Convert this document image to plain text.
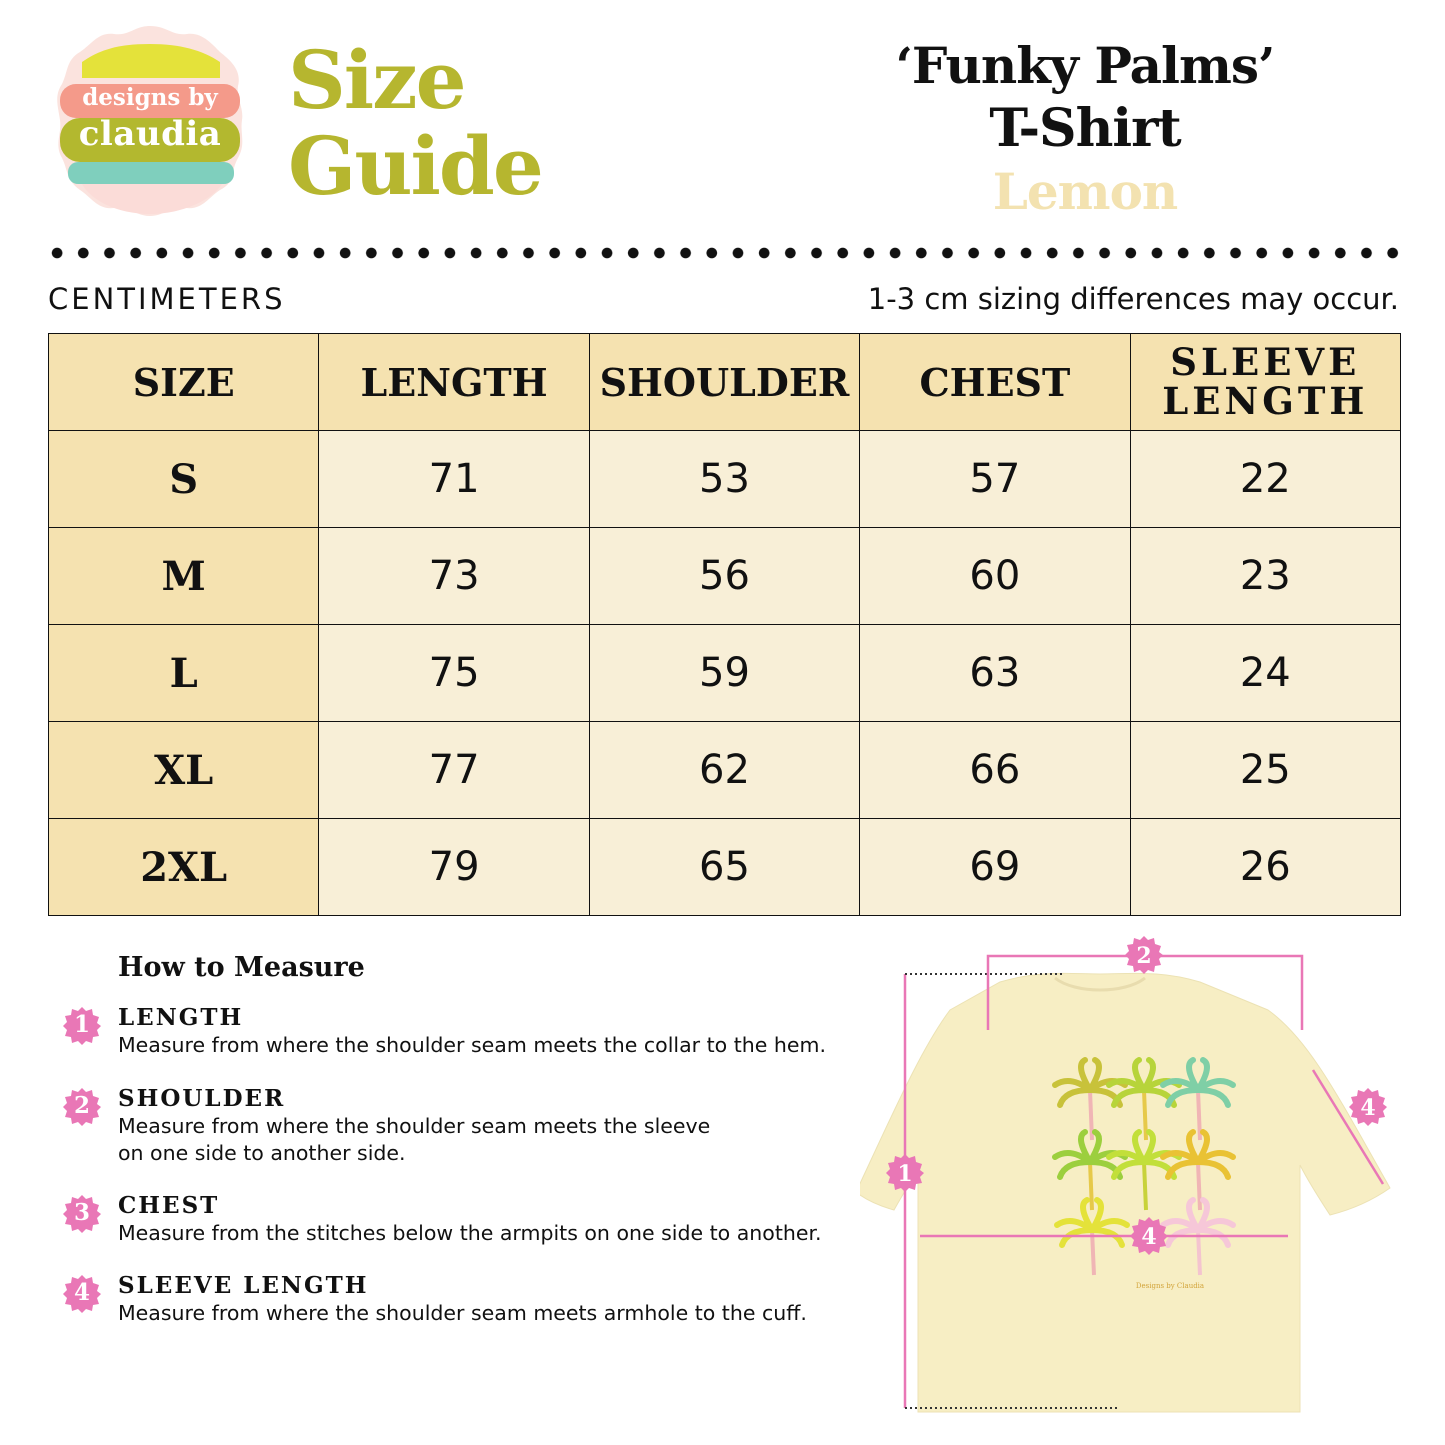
designs by
claudia
Size
Guide
‘Funky Palms’
T-Shirt
Lemon
CENTIMETERS	1-3 cm sizing differences may occur.
SIZE	LENGTH	SHOULDER	CHEST	SLEEVE LENGTH
S	71	53	57	22
M	73	56	60	23
L	75	59	63	24
XL	77	62	66	25
2XL	79	65	69	26
How to Measure
1	LENGTH
Measure from where the shoulder seam meets the collar to the hem.
2	SHOULDER
Measure from where the shoulder seam meets the sleeve on one side to another side.
3	CHEST
Measure from the stitches below the armpits on one side to another.
4	SLEEVE LENGTH
Measure from where the shoulder seam meets armhole to the cuff.
Designs by Claudia
1
2
4
4
